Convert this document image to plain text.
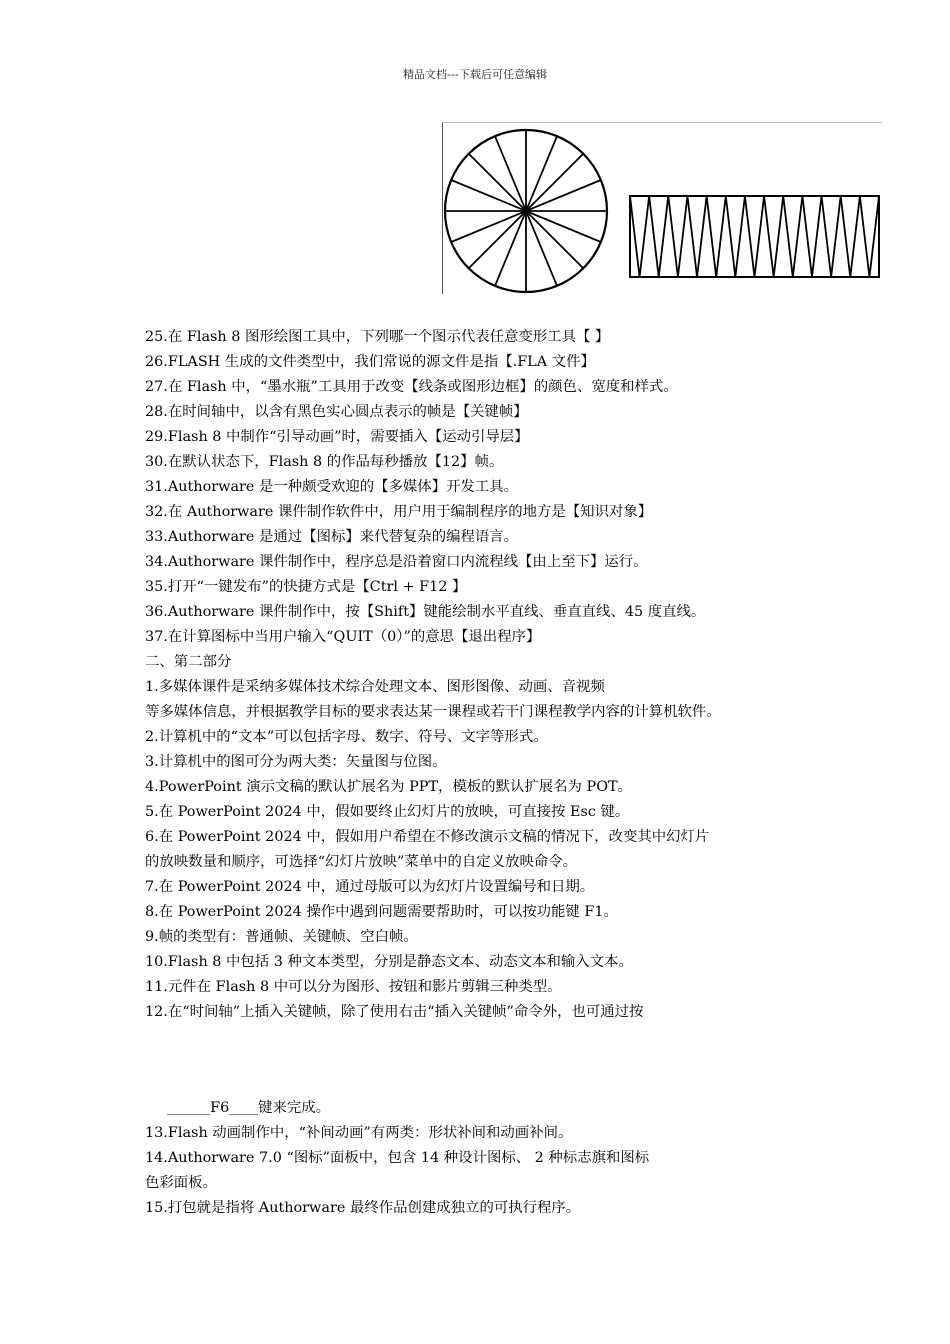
精品文档---下载后可任意编辑

25.在 Flash 8 图形绘图工具中，下列哪一个图示代表任意变形工具【 】

26.FLASH 生成的文件类型中，我们常说的源文件是指【.FLA 文件】

27.在 Flash 中，“墨水瓶”工具用于改变【线条或图形边框】的颜色、宽度和样式。

28.在时间轴中，以含有黑色实心圆点表示的帧是【关键帧】

29.Flash 8 中制作“引导动画”时，需要插入【运动引导层】

30.在默认状态下，Flash 8 的作品每秒播放【12】帧。

31.Authorware 是一种颇受欢迎的【多媒体】开发工具。

32.在 Authorware 课件制作软件中，用户用于编制程序的地方是【知识对象】

33.Authorware 是通过【图标】来代替复杂的编程语言。

34.Authorware 课件制作中，程序总是沿着窗口内流程线【由上至下】运行。

35.打开“一键发布”的快捷方式是【Ctrl + F12 】

36.Authorware 课件制作中，按【Shift】键能绘制水平直线、垂直直线、45 度直线。

37.在计算图标中当用户输入“QUIT（0）”的意思【退出程序】

二、第二部分

1.多媒体课件是采纳多媒体技术综合处理文本、图形图像、动画、音视频

等多媒体信息，并根据教学目标的要求表达某一课程或若干门课程教学内容的计算机软件。

2.计算机中的“文本”可以包括字母、数字、符号、文字等形式。

3.计算机中的图可分为两大类：矢量图与位图。

4.PowerPoint 演示文稿的默认扩展名为 PPT，模板的默认扩展名为 POT。

5.在 PowerPoint 2024 中，假如要终止幻灯片的放映，可直接按 Esc 键。

6.在 PowerPoint 2024 中，假如用户希望在不修改演示文稿的情况下，改变其中幻灯片

的放映数量和顺序，可选择“幻灯片放映”菜单中的自定义放映命令。

7.在 PowerPoint 2024 中，通过母版可以为幻灯片设置编号和日期。

8.在 PowerPoint 2024 操作中遇到问题需要帮助时，可以按功能键 F1。

9.帧的类型有：普通帧、关键帧、空白帧。

10.Flash 8 中包括 3 种文本类型，分别是静态文本、动态文本和输入文本。

11.元件在 Flash 8 中可以分为图形、按钮和影片剪辑三种类型。

12.在“时间轴”上插入关键帧，除了使用右击“插入关键帧”命令外，也可通过按

______F6____键来完成。

13.Flash 动画制作中，“补间动画”有两类：形状补间和动画补间。

14.Authorware 7.0 “图标”面板中，包含 14 种设计图标、 2 种标志旗和图标

色彩面板。

15.打包就是指将 Authorware 最终作品创建成独立的可执行程序。
